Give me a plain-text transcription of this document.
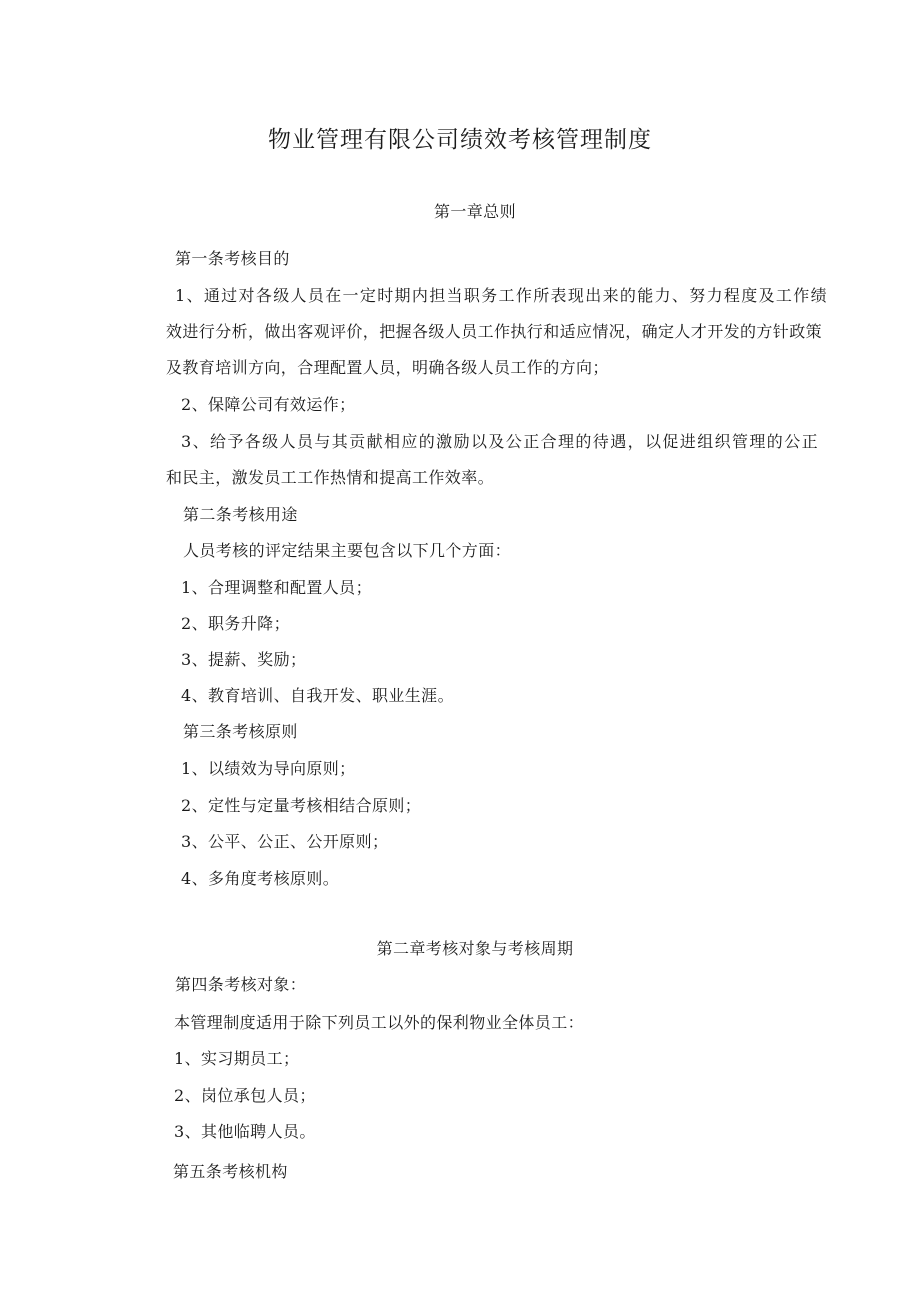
物业管理有限公司绩效考核管理制度
第一章总则
第一条考核目的
1、通过对各级人员在一定时期内担当职务工作所表现出来的能力、努力程度及工作绩
效进行分析，做出客观评价，把握各级人员工作执行和适应情况，确定人才开发的方针政策
及教育培训方向，合理配置人员，明确各级人员工作的方向；
2、保障公司有效运作；
3、给予各级人员与其贡献相应的激励以及公正合理的待遇，以促进组织管理的公正
和民主，激发员工工作热情和提高工作效率。
第二条考核用途
人员考核的评定结果主要包含以下几个方面：
1、合理调整和配置人员；
2、职务升降；
3、提薪、奖励；
4、教育培训、自我开发、职业生涯。
第三条考核原则
1、以绩效为导向原则；
2、定性与定量考核相结合原则；
3、公平、公正、公开原则；
4、多角度考核原则。
第二章考核对象与考核周期
第四条考核对象：
本管理制度适用于除下列员工以外的保利物业全体员工：
1、实习期员工；
2、岗位承包人员；
3、其他临聘人员。
第五条考核机构
